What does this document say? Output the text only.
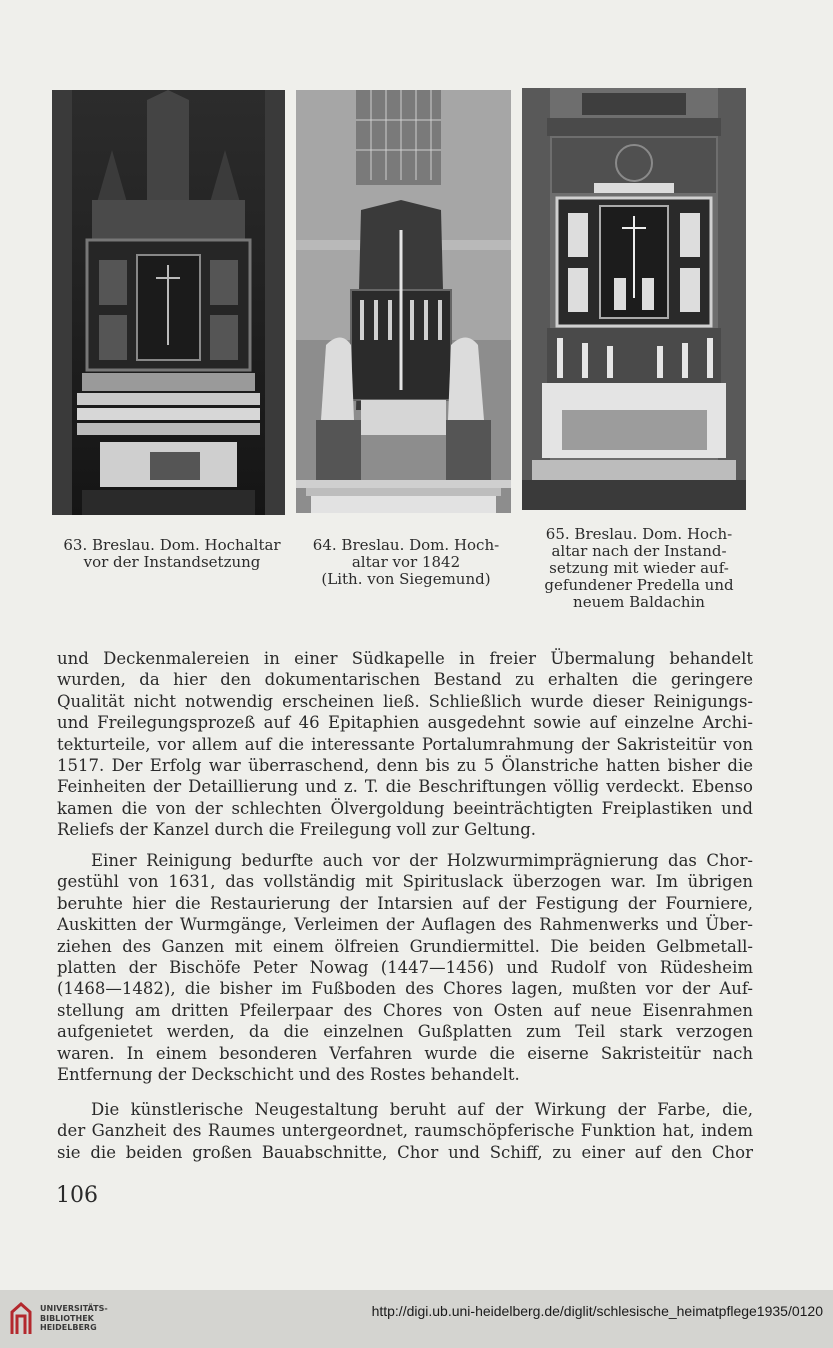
63. Breslau. Dom. Hochaltar
vor der Instandsetzung
64. Breslau. Dom. Hoch-
altar vor 1842
(Lith. von Siegemund)
65. Breslau. Dom. Hoch-
altar nach der Instand-
setzung mit wieder auf-
gefundener Predella und
neuem Baldachin
und Deckenmalereien in einer Südkapelle in freier Übermalung behandelt
wurden, da hier den dokumentarischen Bestand zu erhalten die geringere
Qualität nicht notwendig erscheinen ließ. Schließlich wurde dieser Reinigungs-
und Freilegungsprozeß auf 46 Epitaphien ausgedehnt sowie auf einzelne Archi-
tekturteile, vor allem auf die interessante Portalumrahmung der Sakristeitür von
1517. Der Erfolg war überraschend, denn bis zu 5 Ölanstriche hatten bisher die
Feinheiten der Detaillierung und z. T. die Beschriftungen völlig verdeckt. Ebenso
kamen die von der schlechten Ölvergoldung beeinträchtigten Freiplastiken und
Reliefs der Kanzel durch die Freilegung voll zur Geltung.
Einer Reinigung bedurfte auch vor der Holzwurmimprägnierung das Chor-
gestühl von 1631, das vollständig mit Spirituslack überzogen war. Im übrigen
beruhte hier die Restaurierung der Intarsien auf der Festigung der Fourniere,
Auskitten der Wurmgänge, Verleimen der Auflagen des Rahmenwerks und Über-
ziehen des Ganzen mit einem ölfreien Grundiermittel. Die beiden Gelbmetall-
platten der Bischöfe Peter Nowag (1447—1456) und Rudolf von Rüdesheim
(1468—1482), die bisher im Fußboden des Chores lagen, mußten vor der Auf-
stellung am dritten Pfeilerpaar des Chores von Osten auf neue Eisenrahmen
aufgenietet werden, da die einzelnen Gußplatten zum Teil stark verzogen
waren. In einem besonderen Verfahren wurde die eiserne Sakristeitür nach
Entfernung der Deckschicht und des Rostes behandelt.
Die künstlerische Neugestaltung beruht auf der Wirkung der Farbe, die,
der Ganzheit des Raumes untergeordnet, raumschöpferische Funktion hat, indem
sie die beiden großen Bauabschnitte, Chor und Schiff, zu einer auf den Chor
106
UNIVERSITÄTS-
BIBLIOTHEK
HEIDELBERG
http://digi.ub.uni-heidelberg.de/diglit/schlesische_heimatpflege1935/0120
